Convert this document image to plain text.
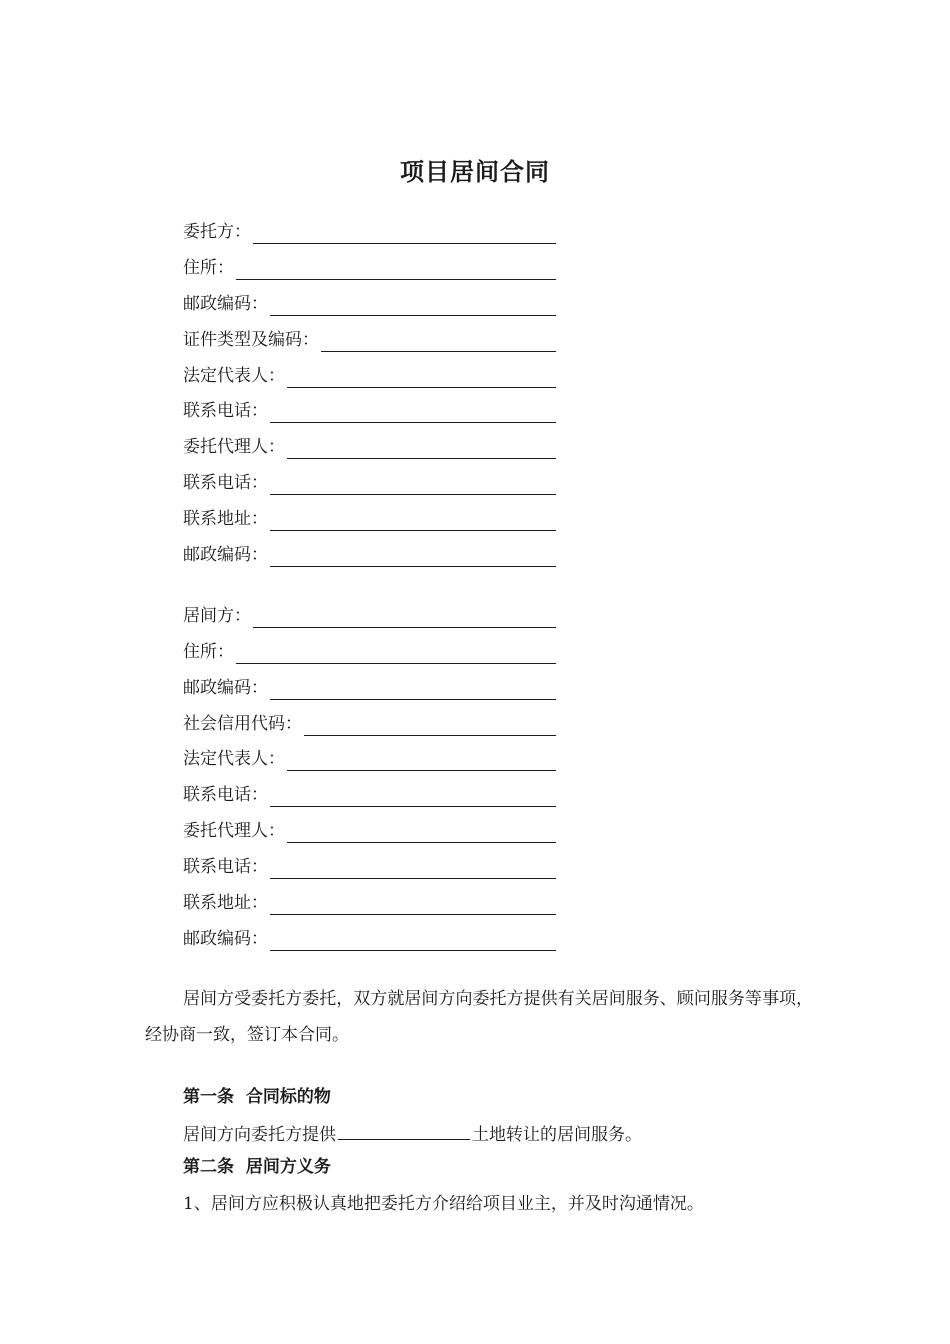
项目居间合同
委托方：
住所：
邮政编码：
证件类型及编码：
法定代表人：
联系电话：
委托代理人：
联系电话：
联系地址：
邮政编码：
居间方：
住所：
邮政编码：
社会信用代码：
法定代表人：
联系电话：
委托代理人：
联系电话：
联系地址：
邮政编码：

居间方受委托方委托，双方就居间方向委托方提供有关居间服务、顾问服务等事项，经协商一致，签订本合同。

第一条  合同标的物

居间方向委托方提供	土地转让的居间服务。

第二条  居间方义务

1、居间方应积极认真地把委托方介绍给项目业主，并及时沟通情况。
